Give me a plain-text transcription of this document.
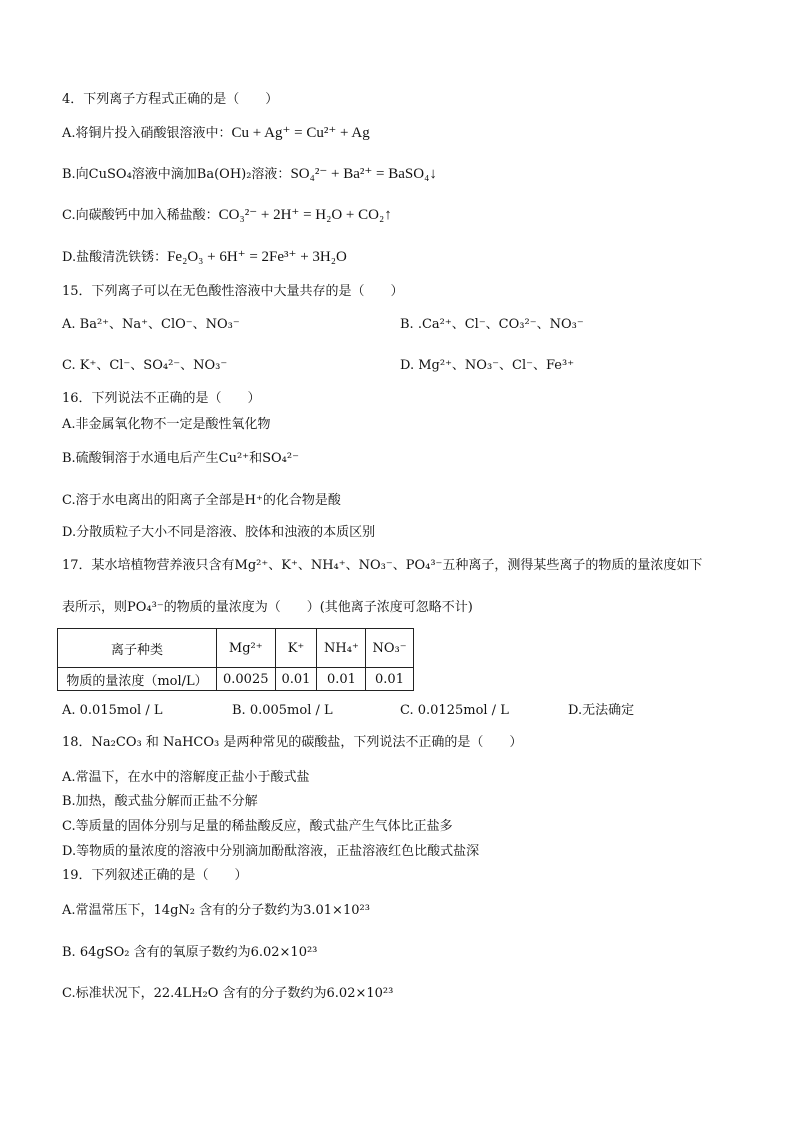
4．下列离子方程式正确的是（　　）
A.将铜片投入硝酸银溶液中：Cu + Ag⁺ = Cu²⁺ + Ag
B.向CuSO₄溶液中滴加Ba(OH)₂溶液：SO₄²⁻ + Ba²⁺ = BaSO₄↓
C.向碳酸钙中加入稀盐酸：CO₃²⁻ + 2H⁺ = H₂O + CO₂↑
D.盐酸清洗铁锈：Fe₂O₃ + 6H⁺ = 2Fe³⁺ + 3H₂O
15．下列离子可以在无色酸性溶液中大量共存的是（　　）
A. Ba²⁺、Na⁺、ClO⁻、NO₃⁻	B. .Ca²⁺、Cl⁻、CO₃²⁻、NO₃⁻
C. K⁺、Cl⁻、SO₄²⁻、NO₃⁻	D. Mg²⁺、NO₃⁻、Cl⁻、Fe³⁺
16．下列说法不正确的是（　　）
A.非金属氧化物不一定是酸性氧化物
B.硫酸铜溶于水通电后产生Cu²⁺和SO₄²⁻
C.溶于水电离出的阳离子全部是H⁺的化合物是酸
D.分散质粒子大小不同是溶液、胶体和浊液的本质区别
17．某水培植物营养液只含有Mg²⁺、K⁺、NH₄⁺、NO₃⁻、PO₄³⁻五种离子，测得某些离子的物质的量浓度如下
表所示，则PO₄³⁻的物质的量浓度为（　　）(其他离子浓度可忽略不计)
离子种类	Mg²⁺	K⁺	NH₄⁺	NO₃⁻
物质的量浓度（mol/L）	0.0025	0.01	0.01	0.01
A. 0.015mol / L	B. 0.005mol / L	C. 0.0125mol / L	D.无法确定
18．Na₂CO₃ 和 NaHCO₃ 是两种常见的碳酸盐，下列说法不正确的是（　　）
A.常温下，在水中的溶解度正盐小于酸式盐
B.加热，酸式盐分解而正盐不分解
C.等质量的固体分别与足量的稀盐酸反应，酸式盐产生气体比正盐多
D.等物质的量浓度的溶液中分别滴加酚酞溶液，正盐溶液红色比酸式盐深
19．下列叙述正确的是（　　）
A.常温常压下，14gN₂ 含有的分子数约为3.01×10²³
B. 64gSO₂ 含有的氧原子数约为6.02×10²³
C.标准状况下，22.4LH₂O 含有的分子数约为6.02×10²³
